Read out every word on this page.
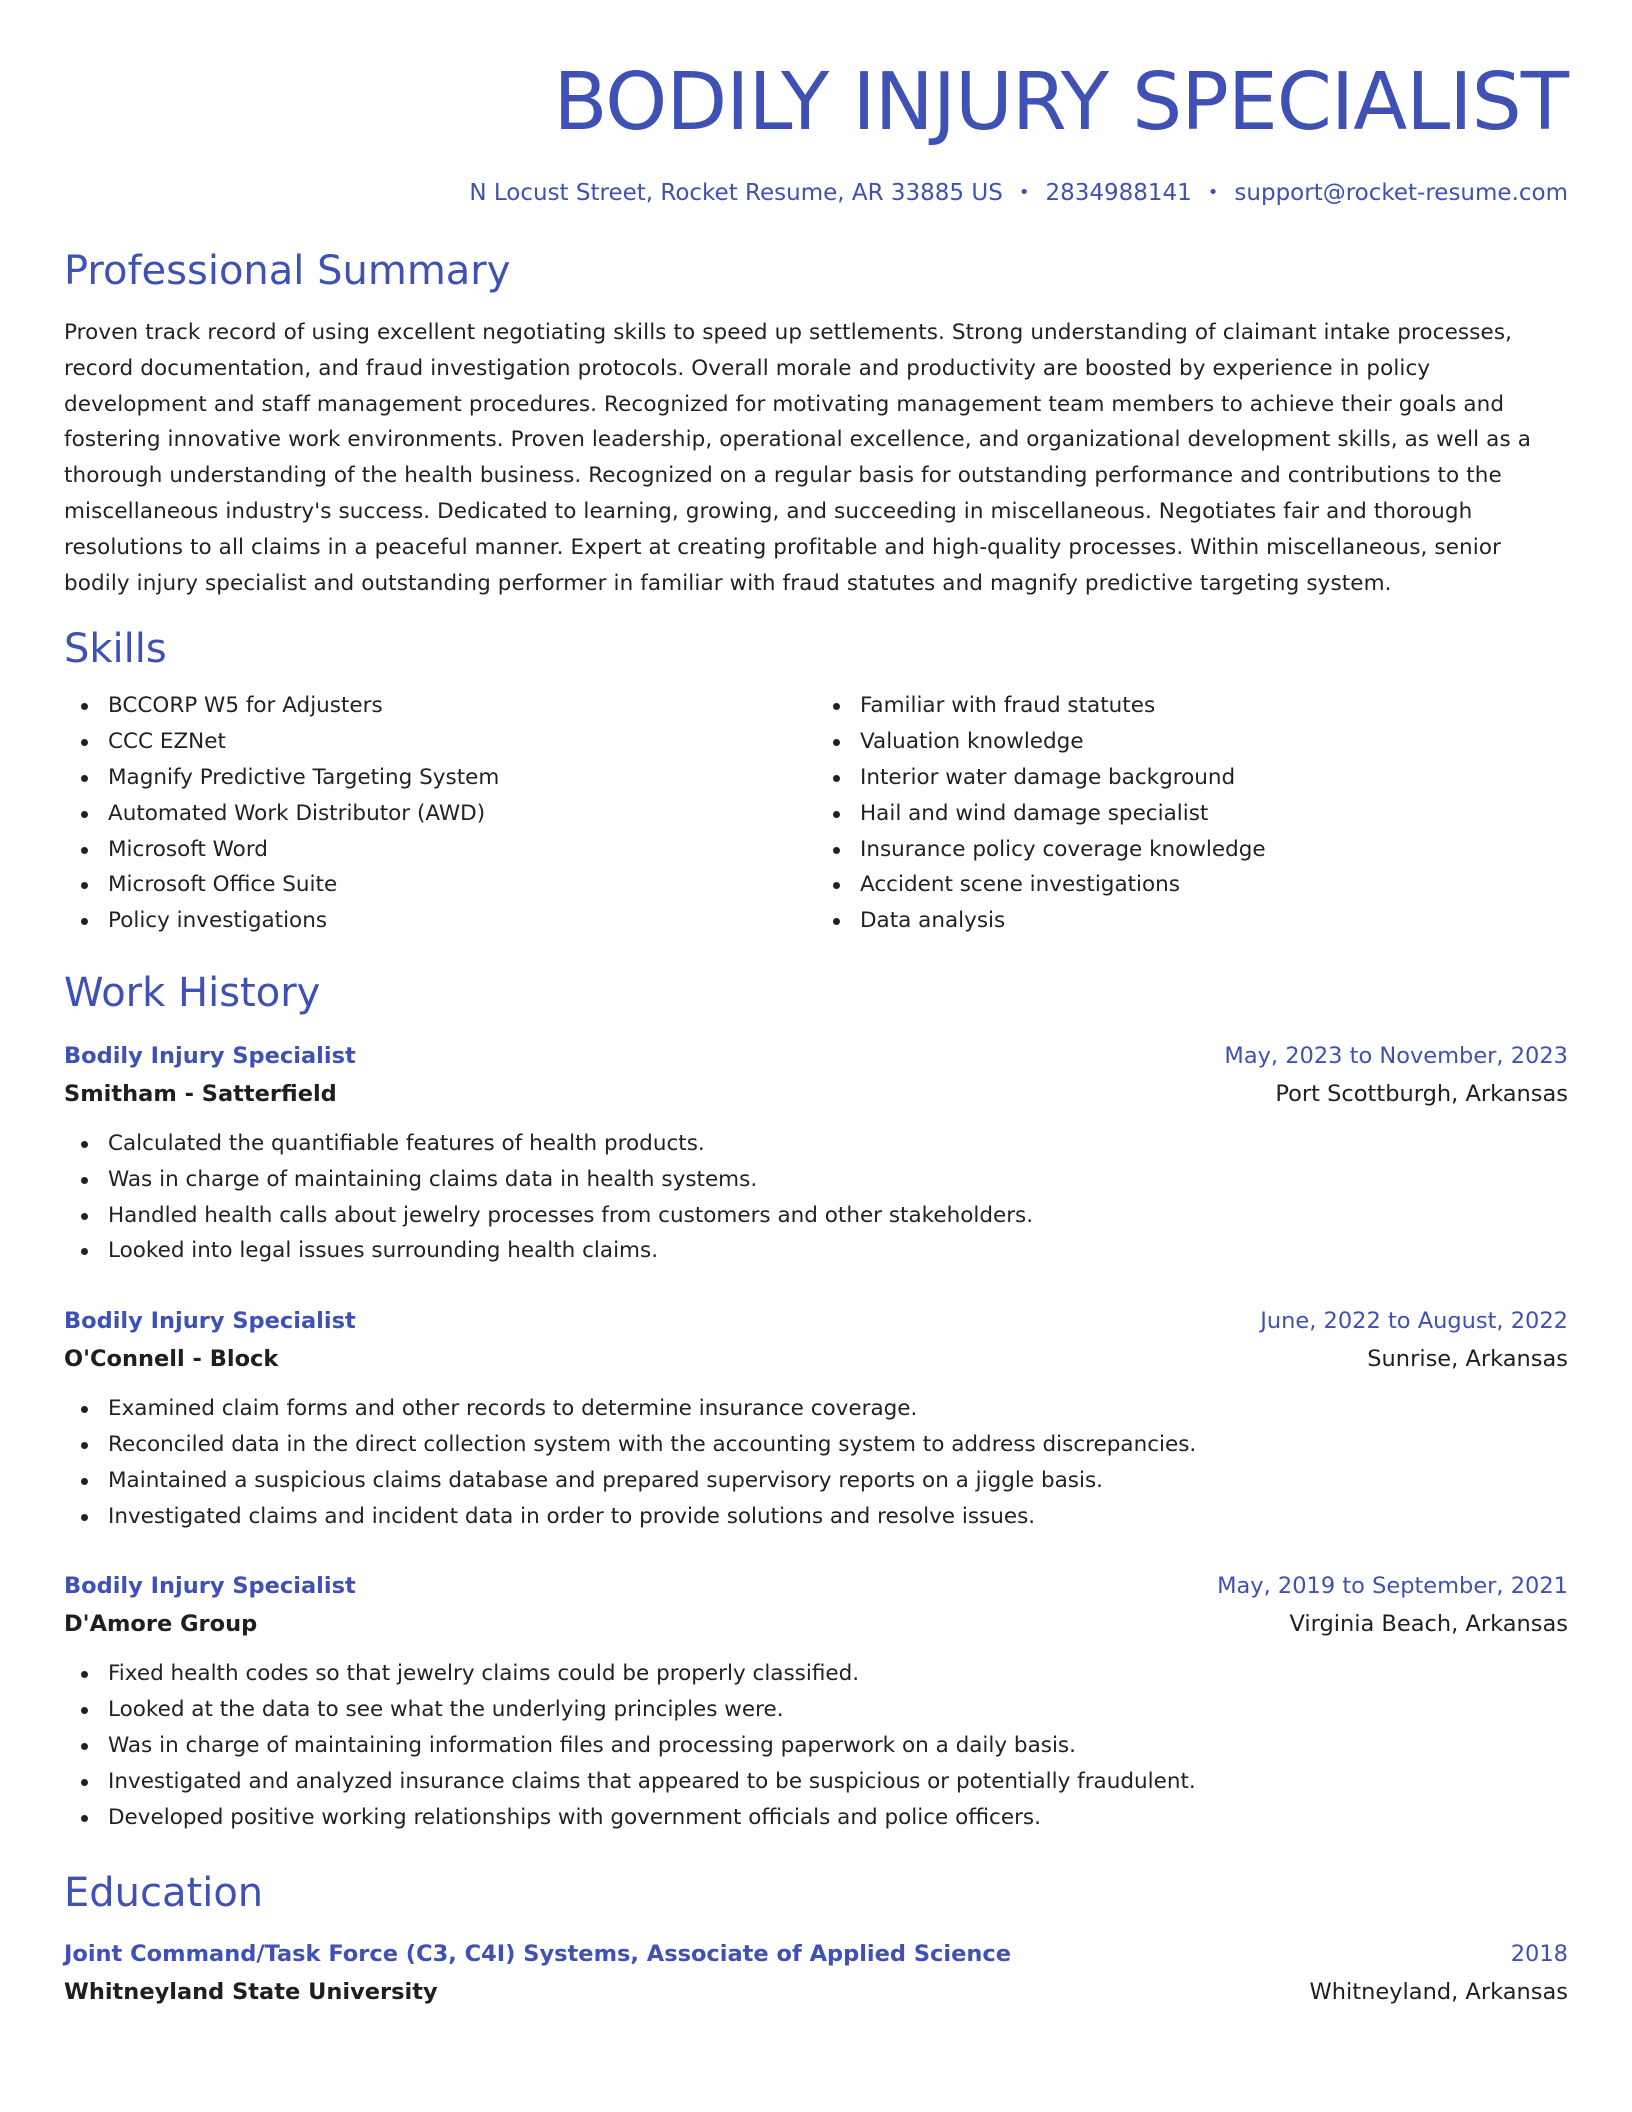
BODILY INJURY SPECIALIST
N Locust Street, Rocket Resume, AR 33885 US • 2834988141 • support@rocket-resume.com
Professional Summary
Proven track record of using excellent negotiating skills to speed up settlements. Strong understanding of claimant intake processes, record documentation, and fraud investigation protocols. Overall morale and productivity are boosted by experience in policy development and staff management procedures. Recognized for motivating management team members to achieve their goals and fostering innovative work environments. Proven leadership, operational excellence, and organizational development skills, as well as a thorough understanding of the health business. Recognized on a regular basis for outstanding performance and contributions to the miscellaneous industry's success. Dedicated to learning, growing, and succeeding in miscellaneous. Negotiates fair and thorough resolutions to all claims in a peaceful manner. Expert at creating profitable and high-quality processes. Within miscellaneous, senior bodily injury specialist and outstanding performer in familiar with fraud statutes and magnify predictive targeting system.
Skills
BCCORP W5 for Adjusters
CCC EZNet
Magnify Predictive Targeting System
Automated Work Distributor (AWD)
Microsoft Word
Microsoft Office Suite
Policy investigations
Familiar with fraud statutes
Valuation knowledge
Interior water damage background
Hail and wind damage specialist
Insurance policy coverage knowledge
Accident scene investigations
Data analysis
Work History
Bodily Injury Specialist	May, 2023 to November, 2023
Smitham - Satterfield	Port Scottburgh, Arkansas
Calculated the quantifiable features of health products.
Was in charge of maintaining claims data in health systems.
Handled health calls about jewelry processes from customers and other stakeholders.
Looked into legal issues surrounding health claims.
Bodily Injury Specialist	June, 2022 to August, 2022
O'Connell - Block	Sunrise, Arkansas
Examined claim forms and other records to determine insurance coverage.
Reconciled data in the direct collection system with the accounting system to address discrepancies.
Maintained a suspicious claims database and prepared supervisory reports on a jiggle basis.
Investigated claims and incident data in order to provide solutions and resolve issues.
Bodily Injury Specialist	May, 2019 to September, 2021
D'Amore Group	Virginia Beach, Arkansas
Fixed health codes so that jewelry claims could be properly classified.
Looked at the data to see what the underlying principles were.
Was in charge of maintaining information files and processing paperwork on a daily basis.
Investigated and analyzed insurance claims that appeared to be suspicious or potentially fraudulent.
Developed positive working relationships with government officials and police officers.
Education
Joint Command/Task Force (C3, C4I) Systems, Associate of Applied Science	2018
Whitneyland State University	Whitneyland, Arkansas
